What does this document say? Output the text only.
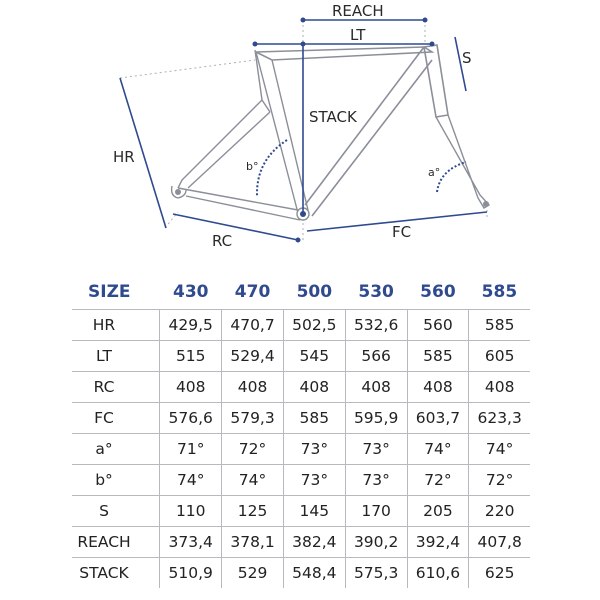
REACH
LT
S
STACK
HR
RC	FC
b°	a°
SIZE	430	470	500	530	560	585
HR	429,5	470,7	502,5	532,6	560	585
LT	515	529,4	545	566	585	605
RC	408	408	408	408	408	408
FC	576,6	579,3	585	595,9	603,7	623,3
a°	71°	72°	73°	73°	74°	74°
b°	74°	74°	73°	73°	72°	72°
S	110	125	145	170	205	220
REACH	373,4	378,1	382,4	390,2	392,4	407,8
STACK	510,9	529	548,4	575,3	610,6	625
